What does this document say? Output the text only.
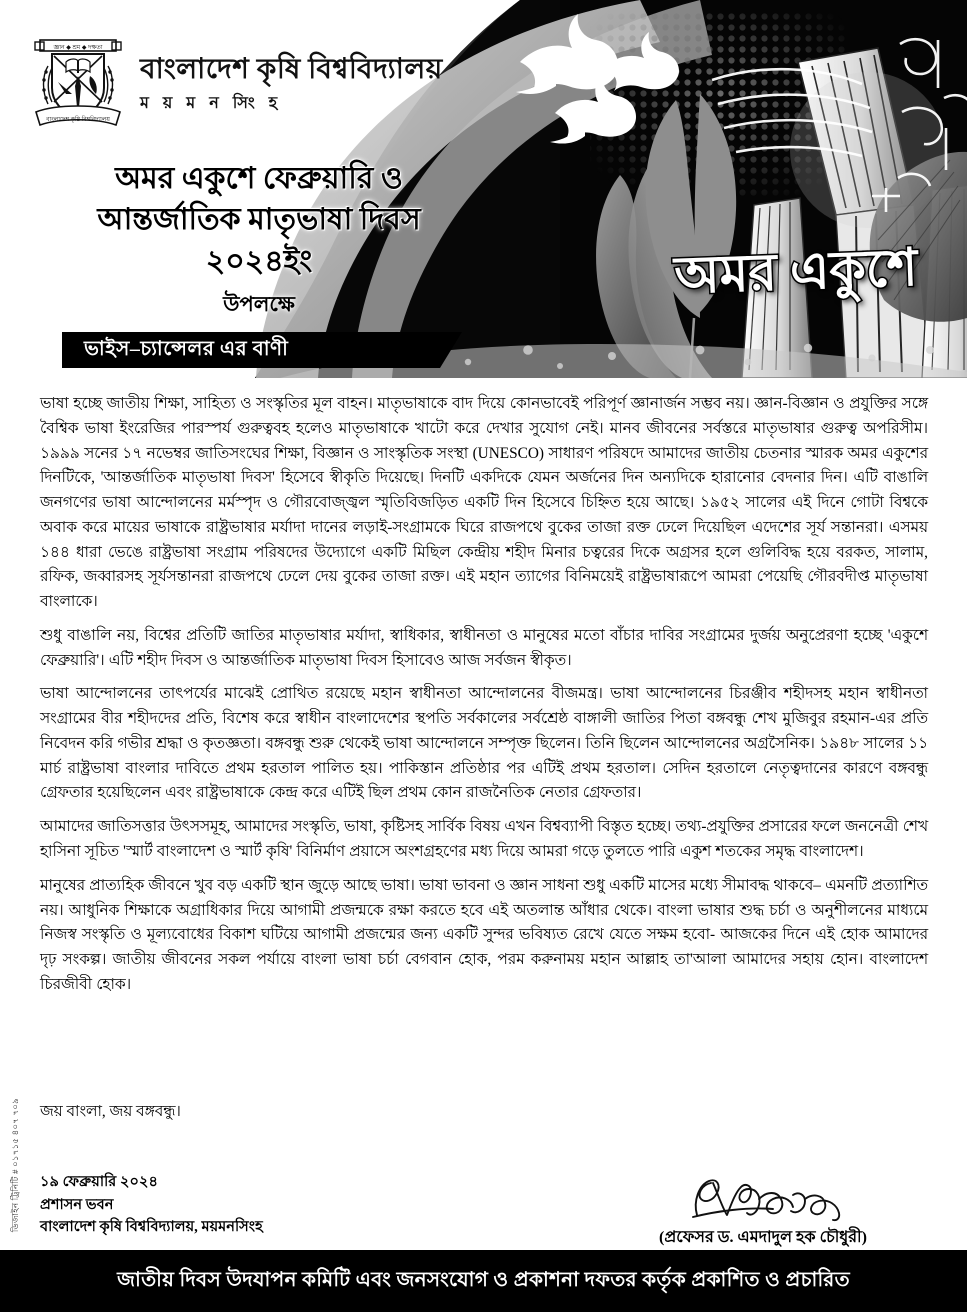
অমর একুশে
জ্ঞান ◆ শ্রম ◆ দক্ষতা
বাংলাদেশ কৃষি বিশ্ববিদ্যালয়
বাংলাদেশ কৃষি বিশ্ববিদ্যালয়
ম য় ম ন সিং হ
অমর একুশে ফেব্রুয়ারি ও
আন্তর্জাতিক মাতৃভাষা দিবস
২০২৪ইং
উপলক্ষে
ভাইস–চ্যান্সেলর এর বাণী

ভাষা হচ্ছে জাতীয় শিক্ষা, সাহিত্য ও সংস্কৃতির মূল বাহন। মাতৃভাষাকে বাদ দিয়ে কোনভাবেই পরিপূর্ণ জ্ঞানার্জন সম্ভব নয়। জ্ঞান-বিজ্ঞান ও প্রযুক্তির সঙ্গে বৈশ্বিক ভাষা ইংরেজির পারস্পর্য গুরুত্ববহ হলেও মাতৃভাষাকে খাটো করে দেখার সুযোগ নেই। মানব জীবনের সর্বস্তরে মাতৃভাষার গুরুত্ব অপরিসীম। ১৯৯৯ সনের ১৭ নভেম্বর জাতিসংঘের শিক্ষা, বিজ্ঞান ও সাংস্কৃতিক সংস্থা (UNESCO) সাধারণ পরিষদে আমাদের জাতীয় চেতনার স্মারক অমর একুশের দিনটিকে, 'আন্তর্জাতিক মাতৃভাষা দিবস' হিসেবে স্বীকৃতি দিয়েছে। দিনটি একদিকে যেমন অর্জনের দিন অন্যদিকে হারানোর বেদনার দিন। এটি বাঙালি জনগণের ভাষা আন্দোলনের মর্মস্পৃদ ও গৌরবোজ্জ্বল স্মৃতিবিজড়িত একটি দিন হিসেবে চিহ্নিত হয়ে আছে। ১৯৫২ সালের এই দিনে গোটা বিশ্বকে অবাক করে মায়ের ভাষাকে রাষ্ট্রভাষার মর্যাদা দানের লড়াই-সংগ্রামকে ঘিরে রাজপথে বুকের তাজা রক্ত ঢেলে দিয়েছিল এদেশের সূর্য সন্তানরা। এসময় ১৪৪ ধারা ভেঙে রাষ্ট্রভাষা সংগ্রাম পরিষদের উদ্যোগে একটি মিছিল কেন্দ্রীয় শহীদ মিনার চত্বরের দিকে অগ্রসর হলে গুলিবিদ্ধ হয়ে বরকত, সালাম, রফিক, জব্বারসহ সূর্যসন্তানরা রাজপথে ঢেলে দেয় বুকের তাজা রক্ত। এই মহান ত্যাগের বিনিময়েই রাষ্ট্রভাষারূপে আমরা পেয়েছি গৌরবদীপ্ত মাতৃভাষা বাংলাকে।

শুধু বাঙালি নয়, বিশ্বের প্রতিটি জাতির মাতৃভাষার মর্যাদা, স্বাধিকার, স্বাধীনতা ও মানুষের মতো বাঁচার দাবির সংগ্রামের দুর্জয় অনুপ্রেরণা হচ্ছে 'একুশে ফেব্রুয়ারি'। এটি শহীদ দিবস ও আন্তর্জাতিক মাতৃভাষা দিবস হিসাবেও আজ সর্বজন স্বীকৃত।

ভাষা আন্দোলনের তাৎপর্যের মাঝেই প্রোথিত রয়েছে মহান স্বাধীনতা আন্দোলনের বীজমন্ত্র। ভাষা আন্দোলনের চিরঞ্জীব শহীদসহ মহান স্বাধীনতা সংগ্রামের বীর শহীদদের প্রতি, বিশেষ করে স্বাধীন বাংলাদেশের স্থপতি সর্বকালের সর্বশ্রেষ্ঠ বাঙ্গালী জাতির পিতা বঙ্গবন্ধু শেখ মুজিবুর রহমান-এর প্রতি নিবেদন করি গভীর শ্রদ্ধা ও কৃতজ্ঞতা। বঙ্গবন্ধু শুরু থেকেই ভাষা আন্দোলনে সম্পৃক্ত ছিলেন। তিনি ছিলেন আন্দোলনের অগ্রসৈনিক। ১৯৪৮ সালের ১১ মার্চ রাষ্ট্রভাষা বাংলার দাবিতে প্রথম হরতাল পালিত হয়। পাকিস্তান প্রতিষ্ঠার পর এটিই প্রথম হরতাল। সেদিন হরতালে নেতৃত্বদানের কারণে বঙ্গবন্ধু গ্রেফতার হয়েছিলেন এবং রাষ্ট্রভাষাকে কেন্দ্র করে এটিই ছিল প্রথম কোন রাজনৈতিক নেতার গ্রেফতার।

আমাদের জাতিসত্তার উৎসসমূহ, আমাদের সংস্কৃতি, ভাষা, কৃষ্টিসহ সার্বিক বিষয় এখন বিশ্বব্যাপী বিস্তৃত হচ্ছে। তথ্য-প্রযুক্তির প্রসারের ফলে জননেত্রী শেখ হাসিনা সূচিত 'স্মার্ট বাংলাদেশ ও স্মার্ট কৃষি' বিনির্মাণ প্রয়াসে অংশগ্রহণের মধ্য দিয়ে আমরা গড়ে তুলতে পারি একুশ শতকের সমৃদ্ধ বাংলাদেশ।

মানুষের প্রাত্যহিক জীবনে খুব বড় একটি স্থান জুড়ে আছে ভাষা। ভাষা ভাবনা ও জ্ঞান সাধনা শুধু একটি মাসের মধ্যে সীমাবদ্ধ থাকবে– এমনটি প্রত্যাশিত নয়। আধুনিক শিক্ষাকে অগ্রাধিকার দিয়ে আগামী প্রজন্মকে রক্ষা করতে হবে এই অতলান্ত আঁধার থেকে। বাংলা ভাষার শুদ্ধ চর্চা ও অনুশীলনের মাধ্যমে নিজস্ব সংস্কৃতি ও মূল্যবোধের বিকাশ ঘটিয়ে আগামী প্রজন্মের জন্য একটি সুন্দর ভবিষ্যত রেখে যেতে সক্ষম হবো- আজকের দিনে এই হোক আমাদের দৃঢ় সংকল্প। জাতীয় জীবনের সকল পর্যায়ে বাংলা ভাষা চর্চা বেগবান হোক, পরম করুনাময় মহান আল্লাহ তা'আলা আমাদের সহায় হোন। বাংলাদেশ চিরজীবী হোক।

জয় বাংলা, জয় বঙ্গবন্ধু।
১৯ ফেব্রুয়ারি ২০২৪
প্রশাসন ভবন
বাংলাদেশ কৃষি বিশ্ববিদ্যালয়, ময়মনসিংহ
(প্রফেসর ড. এমদাদুল হক চৌধুরী)
ডিজাইন ট্রিনিটি # ০১৭১৫ ৪০৭ ৭০৯
জাতীয় দিবস উদযাপন কমিটি এবং জনসংযোগ ও প্রকাশনা দফতর কর্তৃক প্রকাশিত ও প্রচারিত
